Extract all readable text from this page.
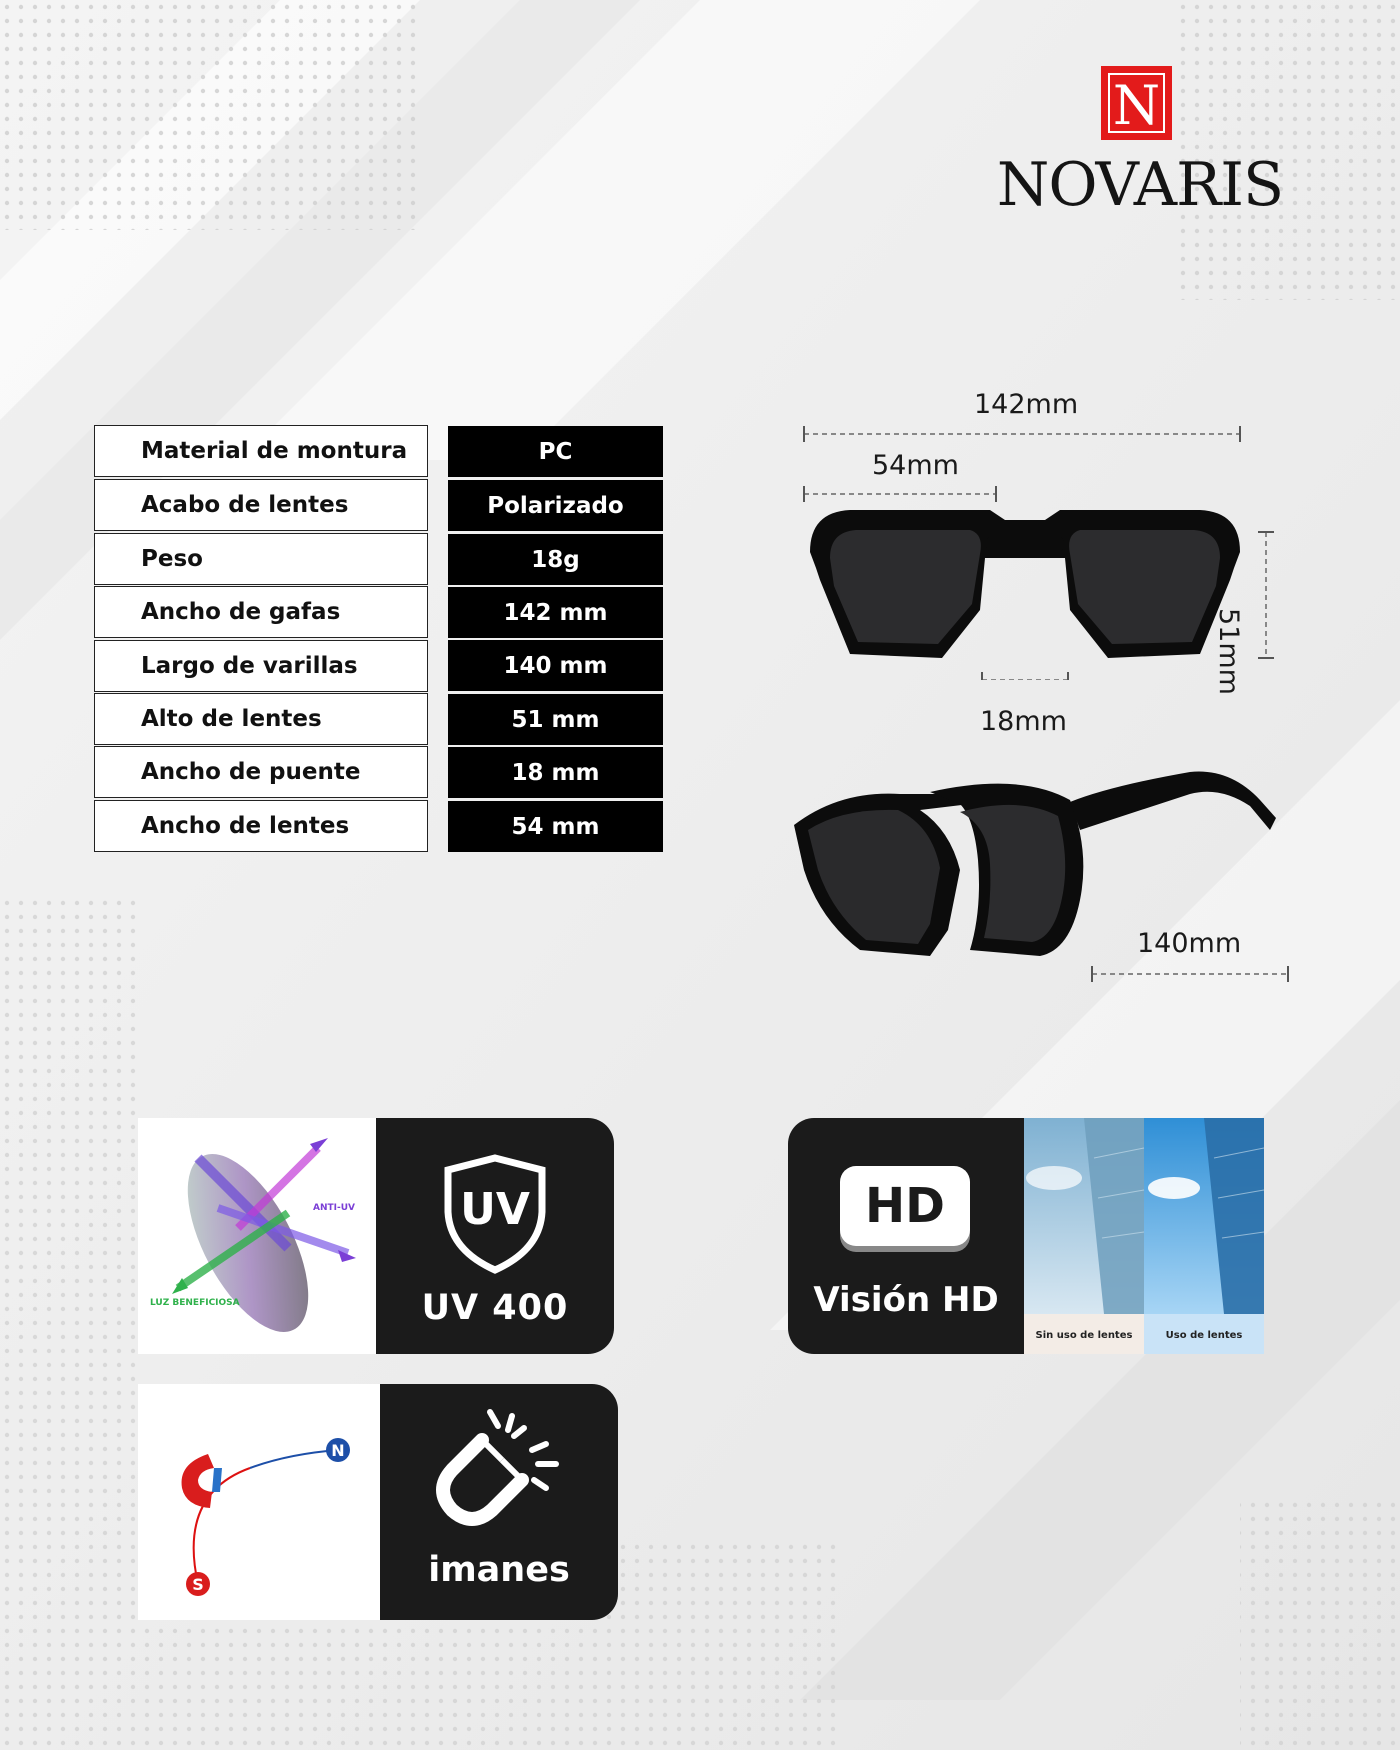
N
NOVARIS
Material de montura
Acabo de lentes
Peso
Ancho de gafas
Largo de varillas
Alto de lentes
Ancho de puente
Ancho de lentes
PC
Polarizado
18g
142 mm
140 mm
51 mm
18 mm
54 mm
142mm
54mm
51mm
18mm
140mm
ANTI-UV
LUZ BENEFICIOSA
UV
UV 400
HD
Visión HD
Sin uso de lentes	Uso de lentes
N
S	imanes
